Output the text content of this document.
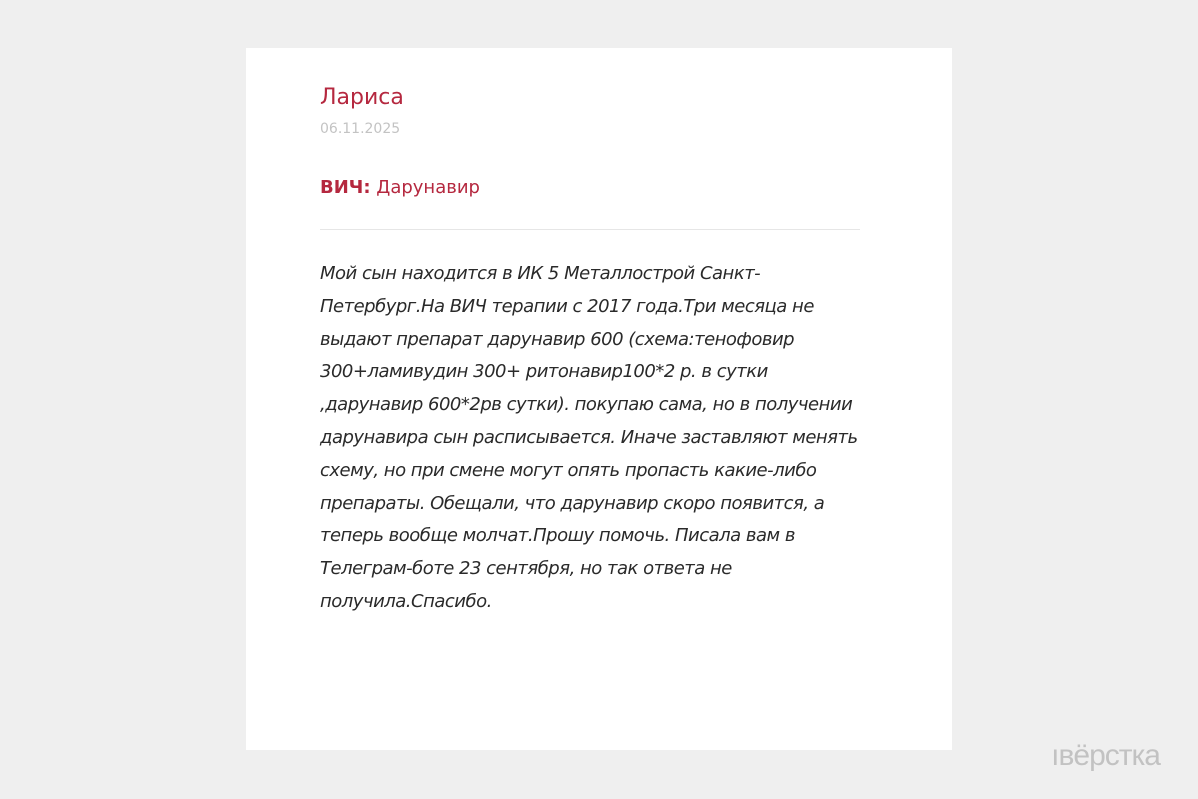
Лариса
06.11.2025
ВИЧ: Дарунавир
Мой сын находится в ИК 5 Металлострой Санкт-Петербург.На ВИЧ терапии с 2017 года.Три месяца не выдают препарат дарунавир 600 (схема:тенофовир 300+ламивудин 300+ ритонавир100*2 р. в сутки ,дарунавир 600*2рв сутки). покупаю сама, но в получении дарунавира сын расписывается. Иначе заставляют менять схему, но при смене могут опять пропасть какие-либо препараты. Обещали, что дарунавир скоро появится, а теперь вообще молчат.Прошу помочь. Писала вам в Телеграм-боте 23 сентября, но так ответа не получила.Спасибо.
ıвёрстка
